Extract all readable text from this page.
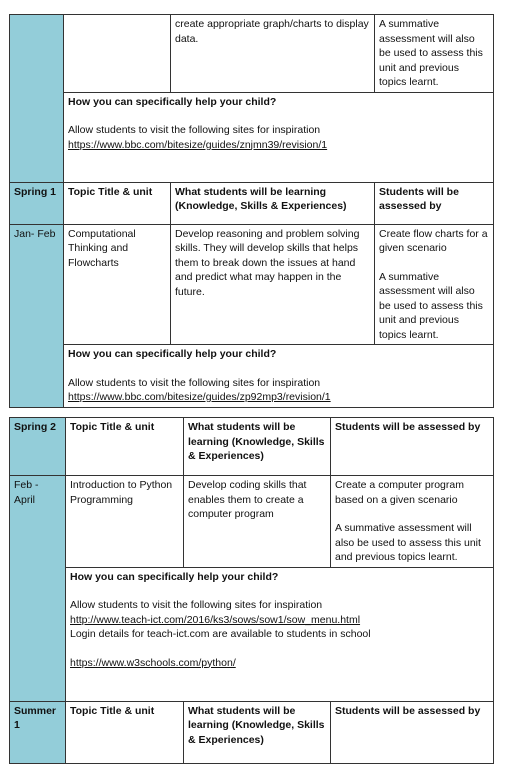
		create appropriate graph/charts to display data.	A summative assessment will also be used to assess this unit and previous topics learnt.

	How you can specifically help your child?

Allow students to visit the following sites for inspiration

https://www.bbc.com/bitesize/guides/znjmn39/revision/1		
Spring 1	Topic Title & unit	What students will be learning (Knowledge, Skills & Experiences)	Students will be assessed by
Jan- Feb	Computational Thinking and Flowcharts	Develop reasoning and problem solving skills. They will develop skills that helps them to break down the issues at hand and predict what may happen in the future.	Create flow charts for a given scenario

A summative assessment will also be used to assess this unit and previous topics learnt.

	How you can specifically help your child?

Allow students to visit the following sites for inspiration

https://www.bbc.com/bitesize/guides/zp92mp3/revision/1		
Spring 2	Topic Title & unit	What students will be learning (Knowledge, Skills & Experiences)	Students will be assessed by
Feb - April	Introduction to Python Programming	Develop coding skills that enables them to create a computer program	Create a computer program based on a given scenario

A summative assessment will also be used to assess this unit and previous topics learnt.

	How you can specifically help your child?

Allow students to visit the following sites for inspiration

http://www.teach-ict.com/2016/ks3/sows/sow1/sow_menu.html

Login details for teach-ict.com are available to students in school

https://www.w3schools.com/python/		
Summer 1	Topic Title & unit	What students will be learning (Knowledge, Skills & Experiences)	Students will be assessed by
